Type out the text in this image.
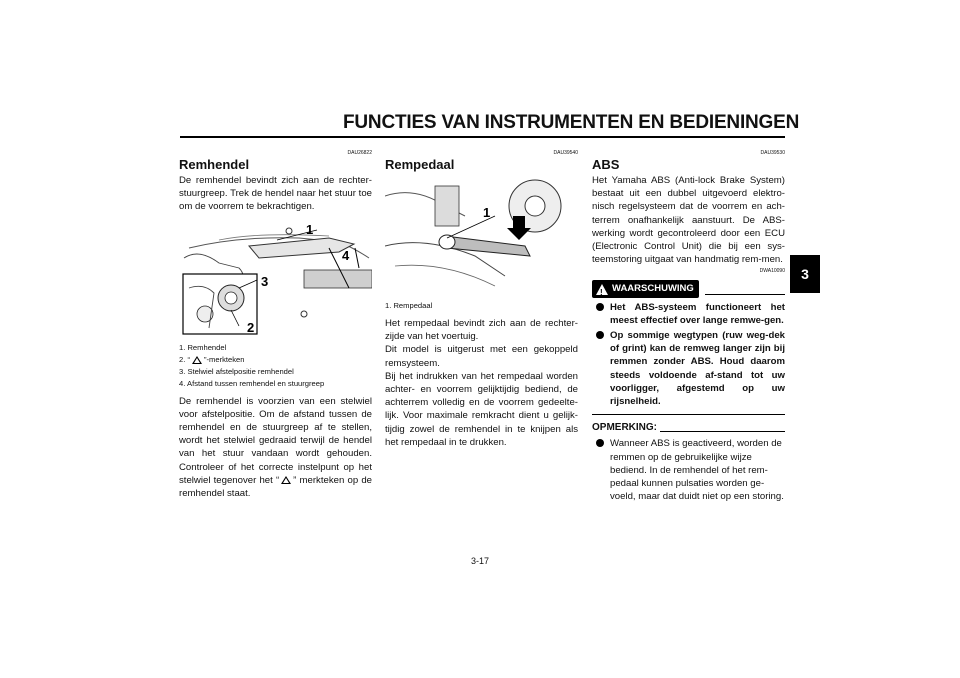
FUNCTIES VAN INSTRUMENTEN EN BEDIENINGEN
3
DAU26822
Remhendel

De remhendel bevindt zich aan de rechter-stuurgreep. Trek de hendel naar het stuur toe om de voorrem te bekrachtigen.

1
4
3
2
1. Remhendel
2. “ ”-merkteken
3. Stelwiel afstelpositie remhendel
4. Afstand tussen remhendel en stuurgreep

De remhendel is voorzien van een stelwiel voor afstelpositie. Om de afstand tussen de remhendel en de stuurgreep af te stellen, wordt het stelwiel gedraaid terwijl de hendel van het stuur vandaan wordt gehouden. Controleer of het correcte instelpunt op het stelwiel tegenover het “ ” merkteken op de remhendel staat.

DAU39540
Rempedaal
1
1. Rempedaal

Het rempedaal bevindt zich aan de rechter-zijde van het voertuig.

Dit model is uitgerust met een gekoppeld remsysteem.

Bij het indrukken van het rempedaal worden achter- en voorrem gelijktijdig bediend, de achterrem volledig en de voorrem gedeelte-lijk. Voor maximale remkracht dient u gelijk-tijdig zowel de remhendel in te knijpen als het rempedaal in te drukken.

DAU39530
ABS

Het Yamaha ABS (Anti-lock Brake System) bestaat uit een dubbel uitgevoerd elektro-nisch regelsysteem dat de voorrem en ach-terrem onafhankelijk aanstuurt. De ABS-werking wordt gecontroleerd door een ECU (Electronic Control Unit) die bij een sys-teemstoring uitgaat van handmatig rem-men.

DWA10090
! WAARSCHUWING
Het ABS-systeem functioneert het meest effectief over lange remwe-gen.
Op sommige wegtypen (ruw weg-dek of grint) kan de remweg langer zijn bij remmen zonder ABS. Houd daarom steeds voldoende af-stand tot uw voorligger, afgestemd op uw rijsnelheid.
OPMERKING:
Wanneer ABS is geactiveerd, worden de remmen op de gebruikelijke wijze bediend. In de remhendel of het rem-pedaal kunnen pulsaties worden ge-voeld, maar dat duidt niet op een storing.
3-17
